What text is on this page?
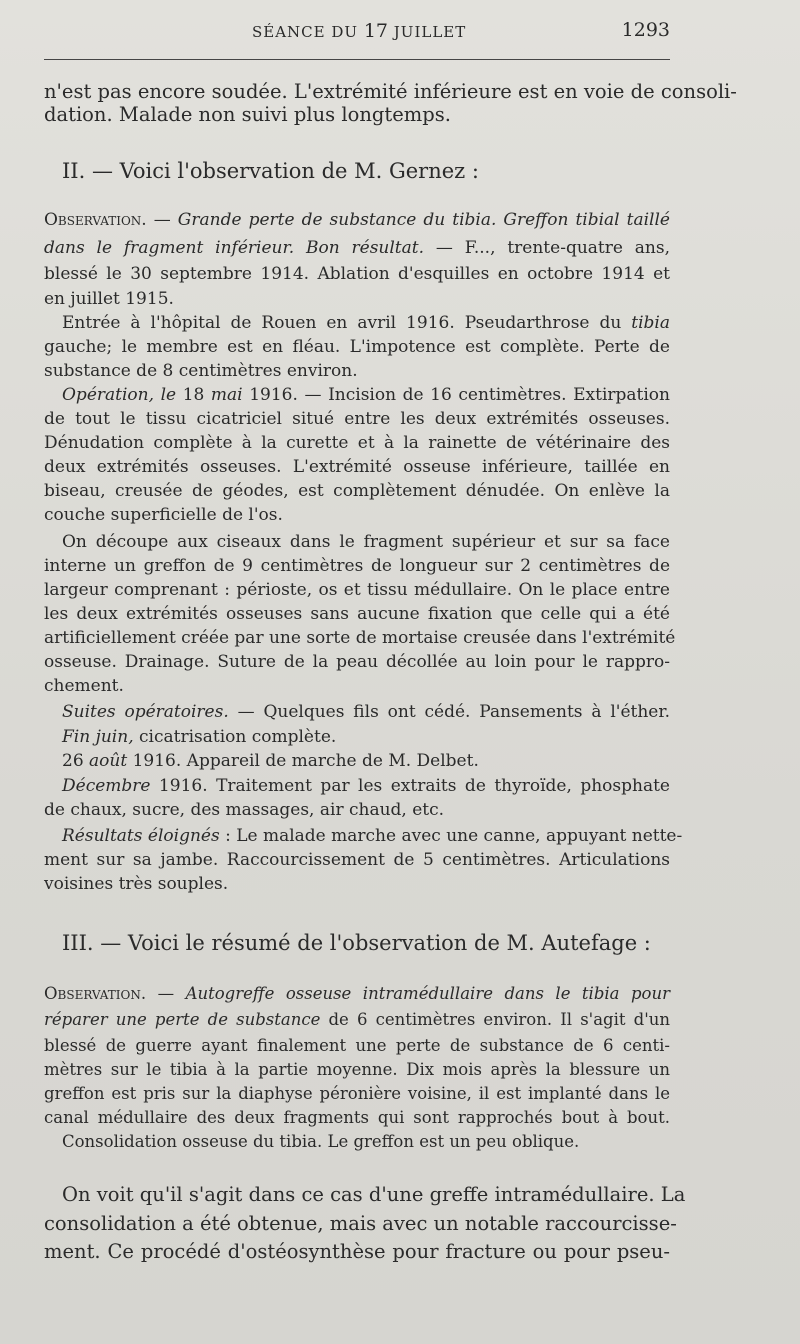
SÉANCE DU 17 JUILLET	1293
n'est pas encore soudée. L'extrémité inférieure est en voie de consoli-
dation. Malade non suivi plus longtemps.
II. — Voici l'observation de M. Gernez :
Observation. — Grande perte de substance du tibia. Greffon tibial taillé
dans le fragment inférieur. Bon résultat. — F..., trente-quatre ans,
blessé le 30 septembre 1914. Ablation d'esquilles en octobre 1914 et
en juillet 1915.
Entrée à l'hôpital de Rouen en avril 1916. Pseudarthrose du tibia
gauche; le membre est en fléau. L'impotence est complète. Perte de
substance de 8 centimètres environ.
Opération, le 18 mai 1916. — Incision de 16 centimètres. Extirpation
de tout le tissu cicatriciel situé entre les deux extrémités osseuses.
Dénudation complète à la curette et à la rainette de vétérinaire des
deux extrémités osseuses. L'extrémité osseuse inférieure, taillée en
biseau, creusée de géodes, est complètement dénudée. On enlève la
couche superficielle de l'os.
On découpe aux ciseaux dans le fragment supérieur et sur sa face
interne un greffon de 9 centimètres de longueur sur 2 centimètres de
largeur comprenant : périoste, os et tissu médullaire. On le place entre
les deux extrémités osseuses sans aucune fixation que celle qui a été
artificiellement créée par une sorte de mortaise creusée dans l'extrémité
osseuse. Drainage. Suture de la peau décollée au loin pour le rappro-
chement.
Suites opératoires. — Quelques fils ont cédé. Pansements à l'éther.
Fin juin, cicatrisation complète.
26 août 1916. Appareil de marche de M. Delbet.
Décembre 1916. Traitement par les extraits de thyroïde, phosphate
de chaux, sucre, des massages, air chaud, etc.
Résultats éloignés : Le malade marche avec une canne, appuyant nette-
ment sur sa jambe. Raccourcissement de 5 centimètres. Articulations
voisines très souples.
III. — Voici le résumé de l'observation de M. Autefage :
Observation. — Autogreffe osseuse intramédullaire dans le tibia pour
réparer une perte de substance de 6 centimètres environ. Il s'agit d'un
blessé de guerre ayant finalement une perte de substance de 6 centi-
mètres sur le tibia à la partie moyenne. Dix mois après la blessure un
greffon est pris sur la diaphyse péronière voisine, il est implanté dans le
canal médullaire des deux fragments qui sont rapprochés bout à bout.
Consolidation osseuse du tibia. Le greffon est un peu oblique.
On voit qu'il s'agit dans ce cas d'une greffe intramédullaire. La
consolidation a été obtenue, mais avec un notable raccourcisse-
ment. Ce procédé d'ostéosynthèse pour fracture ou pour pseu-
